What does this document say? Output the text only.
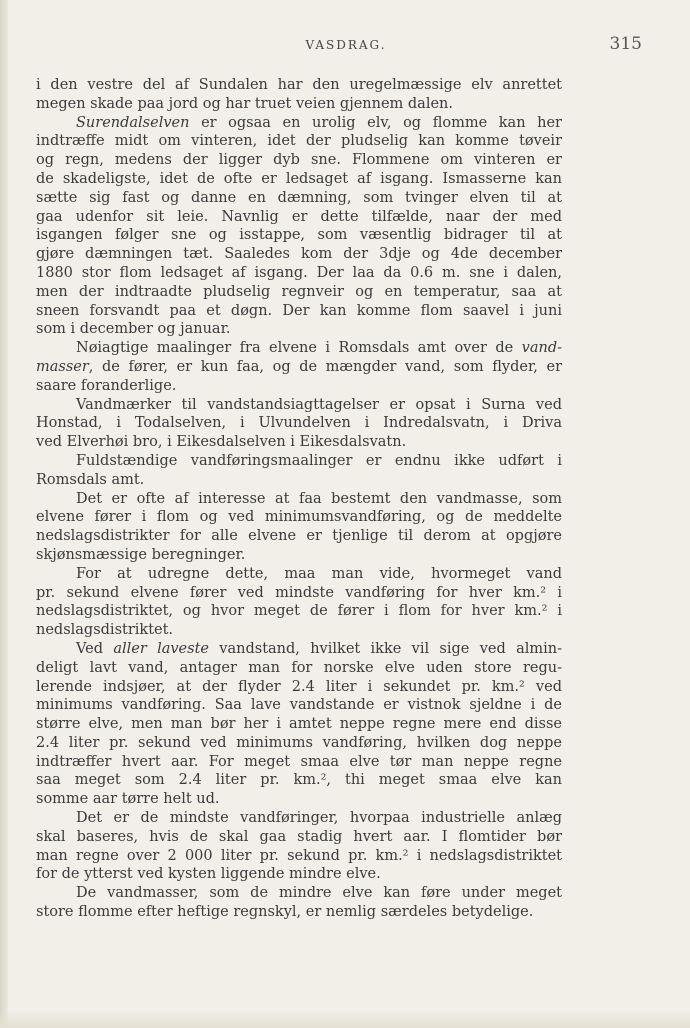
VASDRAG.	315
i den vestre del af Sundalen har den uregelmæssige elv anrettet
megen skade paa jord og har truet veien gjennem dalen.
Surendalselven er ogsaa en urolig elv, og flomme kan her
indtræffe midt om vinteren, idet der pludselig kan komme tøveir
og regn, medens der ligger dyb sne. Flommene om vinteren er
de skadeligste, idet de ofte er ledsaget af isgang. Ismasserne kan
sætte sig fast og danne en dæmning, som tvinger elven til at
gaa udenfor sit leie. Navnlig er dette tilfælde, naar der med
isgangen følger sne og isstappe, som væsentlig bidrager til at
gjøre dæmningen tæt. Saaledes kom der 3dje og 4de december
1880 stor flom ledsaget af isgang. Der laa da 0.6 m. sne i dalen,
men der indtraadte pludselig regnveir og en temperatur, saa at
sneen forsvandt paa et døgn. Der kan komme flom saavel i juni
som i december og januar.
Nøiagtige maalinger fra elvene i Romsdals amt over de vand-
masser, de fører, er kun faa, og de mængder vand, som flyder, er
saare foranderlige.
Vandmærker til vandstandsiagttagelser er opsat i Surna ved
Honstad, i Todalselven, i Ulvundelven i Indredalsvatn, i Driva
ved Elverhøi bro, i Eikesdalselven i Eikesdalsvatn.
Fuldstændige vandføringsmaalinger er endnu ikke udført i
Romsdals amt.
Det er ofte af interesse at faa bestemt den vandmasse, som
elvene fører i flom og ved minimumsvandføring, og de meddelte
nedslagsdistrikter for alle elvene er tjenlige til derom at opgjøre
skjønsmæssige beregninger.
For at udregne dette, maa man vide, hvormeget vand
pr. sekund elvene fører ved mindste vandføring for hver km.² i
nedslagsdistriktet, og hvor meget de fører i flom for hver km.² i
nedslagsdistriktet.
Ved aller laveste vandstand, hvilket ikke vil sige ved almin-
deligt lavt vand, antager man for norske elve uden store regu-
lerende indsjøer, at der flyder 2.4 liter i sekundet pr. km.² ved
minimums vandføring. Saa lave vandstande er vistnok sjeldne i de
større elve, men man bør her i amtet neppe regne mere end disse
2.4 liter pr. sekund ved minimums vandføring, hvilken dog neppe
indtræffer hvert aar. For meget smaa elve tør man neppe regne
saa meget som 2.4 liter pr. km.², thi meget smaa elve kan
somme aar tørre helt ud.
Det er de mindste vandføringer, hvorpaa industrielle anlæg
skal baseres, hvis de skal gaa stadig hvert aar. I flomtider bør
man regne over 2 000 liter pr. sekund pr. km.² i nedslagsdistriktet
for de ytterst ved kysten liggende mindre elve.
De vandmasser, som de mindre elve kan føre under meget
store flomme efter heftige regnskyl, er nemlig særdeles betydelige.
